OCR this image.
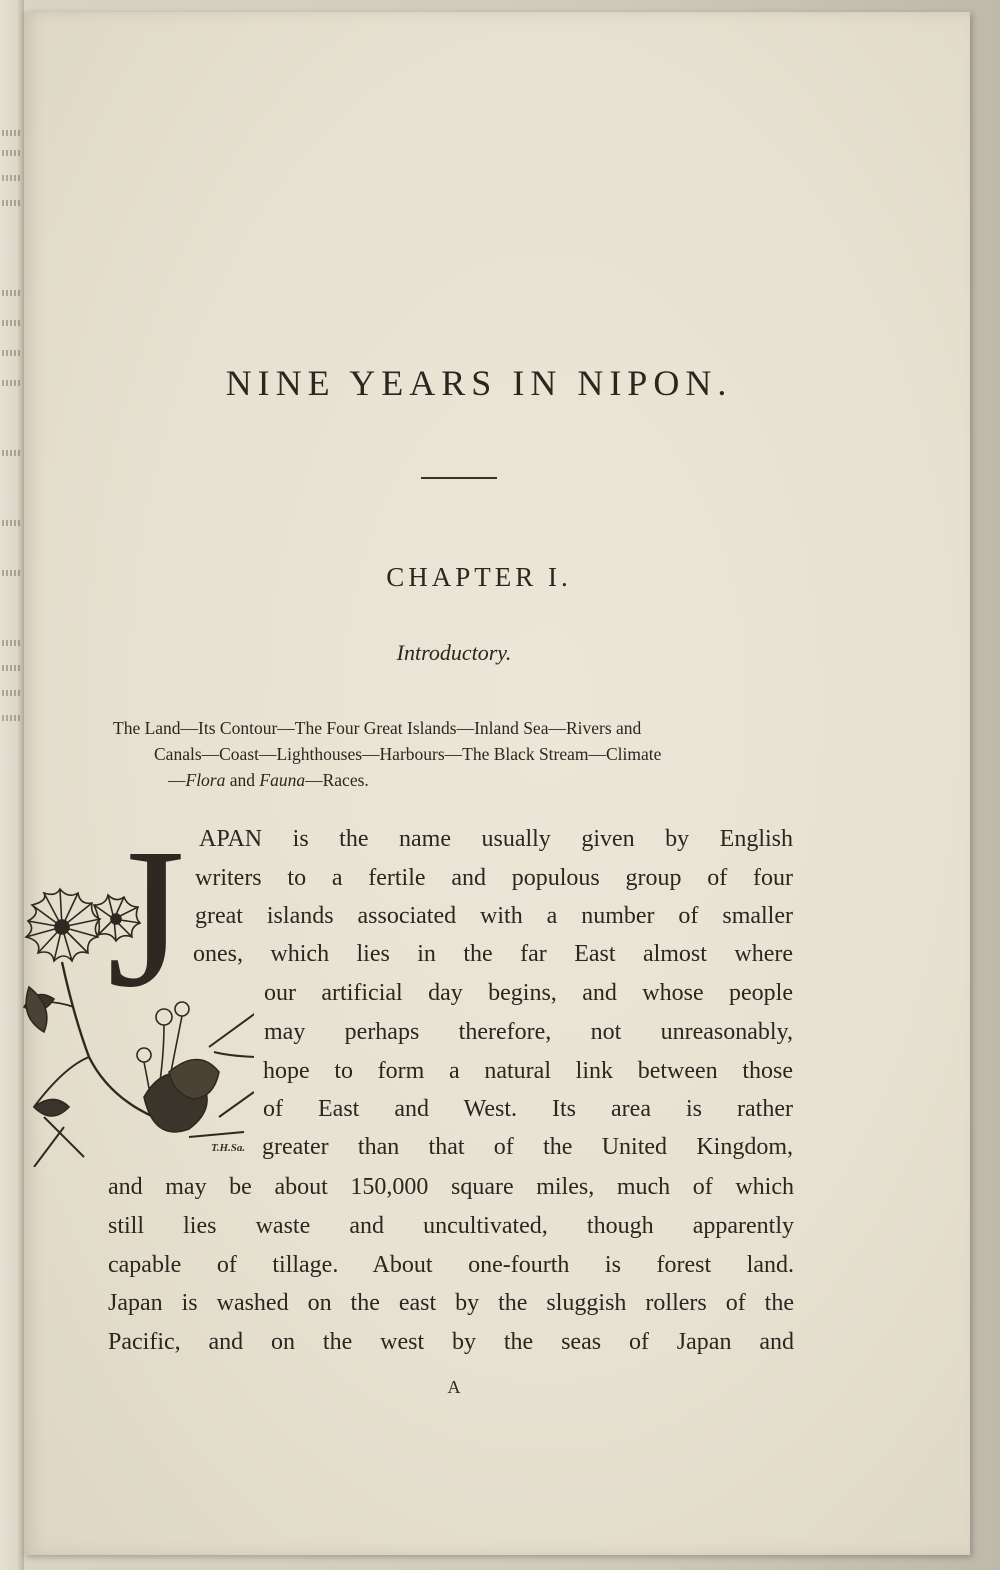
NINE YEARS IN NIPON.
CHAPTER I.
Introductory.
The Land—Its Contour—The Four Great Islands—Inland Sea—Rivers and
Canals—Coast—Lighthouses—Harbours—The Black Stream—Climate
—Flora and Fauna—Races.
J
T.H.Sa.
APAN is the name usually given by English
writers to a fertile and populous group of four
great islands associated with a number of smaller
ones, which lies in the far East almost where
our artificial day begins, and whose people
may perhaps therefore, not unreasonably,
hope to form a natural link between those
of East and West. Its area is rather
greater than that of the United Kingdom,
and may be about 150,000 square miles, much of which
still lies waste and uncultivated, though apparently
capable of tillage. About one-fourth is forest land.
Japan is washed on the east by the sluggish rollers of the
Pacific, and on the west by the seas of Japan and
A
